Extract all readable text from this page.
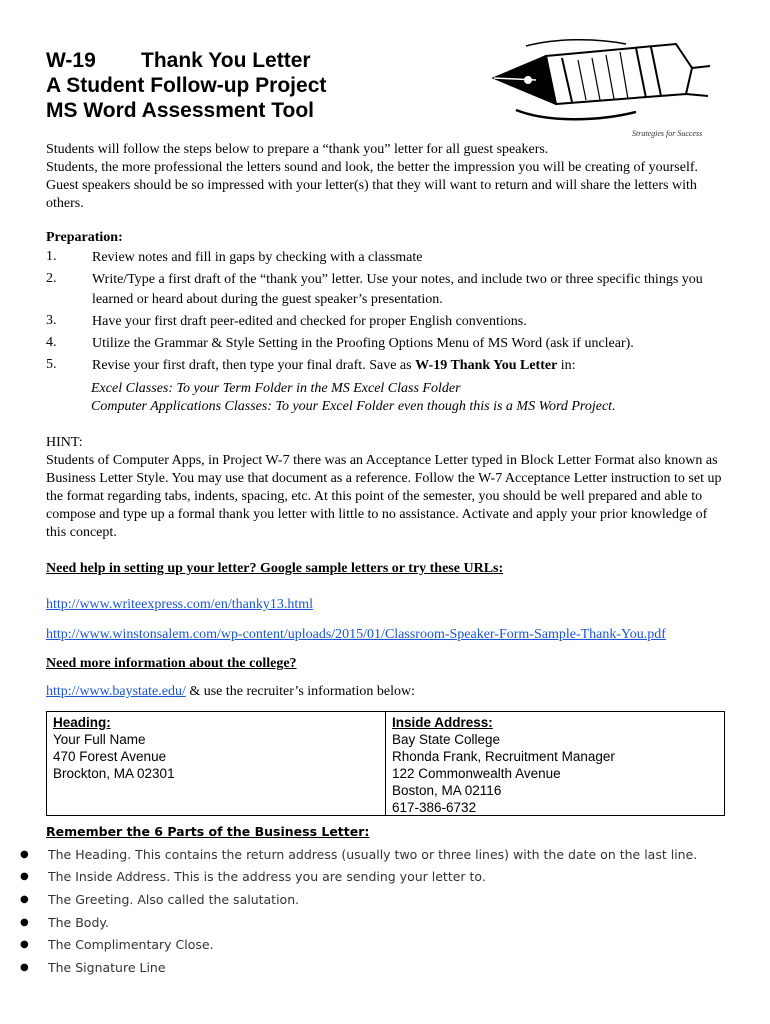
W-19 Thank You Letter
A Student Follow-up Project
MS Word Assessment Tool
Strategies for Success
Students will follow the steps below to prepare a “thank you” letter for all guest speakers.
Students, the more professional the letters sound and look, the better the impression you will be creating of yourself. Guest speakers should be so impressed with your letter(s) that they will want to return and will share the letters with others.
Preparation:
1.	Review notes and fill in gaps by checking with a classmate
2.	Write/Type a first draft of the “thank you” letter. Use your notes, and include two or three specific things you learned or heard about during the guest speaker’s presentation.
3.	Have your first draft peer-edited and checked for proper English conventions.
4.	Utilize the Grammar & Style Setting in the Proofing Options Menu of MS Word (ask if unclear).
5.	Revise your first draft, then type your final draft. Save as W-19 Thank You Letter in:
Excel Classes: To your Term Folder in the MS Excel Class Folder
Computer Applications Classes: To your Excel Folder even though this is a MS Word Project.
HINT:
Students of Computer Apps, in Project W-7 there was an Acceptance Letter typed in Block Letter Format also known as Business Letter Style. You may use that document as a reference. Follow the W-7 Acceptance Letter instruction to set up the format regarding tabs, indents, spacing, etc. At this point of the semester, you should be well prepared and able to compose and type up a formal thank you letter with little to no assistance. Activate and apply your prior knowledge of this concept.
Need help in setting up your letter? Google sample letters or try these URLs:
http://www.writeexpress.com/en/thanky13.html
http://www.winstonsalem.com/wp-content/uploads/2015/01/Classroom-Speaker-Form-Sample-Thank-You.pdf
Need more information about the college?
http://www.baystate.edu/ & use the recruiter’s information below:
Heading:
Your Full Name
470 Forest Avenue
Brockton, MA 02301
Inside Address:
Bay State College
Rhonda Frank, Recruitment Manager
122 Commonwealth Avenue
Boston, MA 02116
617-386-6732
Remember the 6 Parts of the Business Letter:
●	The Heading. This contains the return address (usually two or three lines) with the date on the last line.
●	The Inside Address. This is the address you are sending your letter to.
●	The Greeting. Also called the salutation.
●	The Body.
●	The Complimentary Close.
●	The Signature Line
